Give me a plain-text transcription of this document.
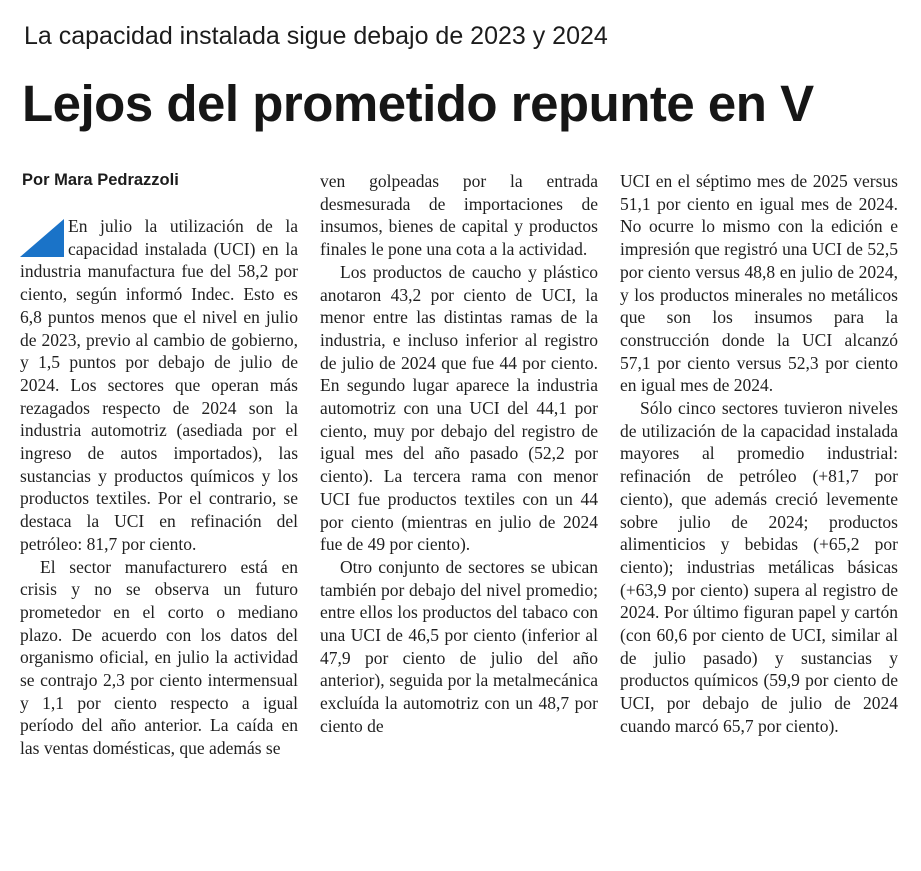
La capacidad instalada sigue debajo de 2023 y 2024
Lejos del prometido repunte en V
Por Mara Pedrazzoli

En julio la utilización de la capacidad instalada (UCI) en la industria manufactura fue del 58,2 por ciento, según informó Indec. Esto es 6,8 puntos menos que el nivel en julio de 2023, previo al cambio de gobierno, y 1,5 puntos por debajo de julio de 2024. Los sectores que operan más rezagados respecto de 2024 son la industria automotriz (asediada por el ingreso de autos importados), las sustancias y productos químicos y los productos textiles. Por el contrario, se destaca la UCI en refinación del petróleo: 81,7 por ciento.

El sector manufacturero está en crisis y no se observa un futuro prometedor en el corto o mediano plazo. De acuerdo con los datos del organismo oficial, en julio la actividad se contrajo 2,3 por ciento intermensual y 1,1 por ciento respecto a igual período del año anterior. La caída en las ventas domésticas, que además se

ven golpeadas por la entrada desmesurada de importaciones de insumos, bienes de capital y productos finales le pone una cota a la actividad.

Los productos de caucho y plástico anotaron 43,2 por ciento de UCI, la menor entre las distintas ramas de la industria, e incluso inferior al registro de julio de 2024 que fue 44 por ciento. En segundo lugar aparece la industria automotriz con una UCI del 44,1 por ciento, muy por debajo del registro de igual mes del año pasado (52,2 por ciento). La tercera rama con menor UCI fue productos textiles con un 44 por ciento (mientras en julio de 2024 fue de 49 por ciento).

Otro conjunto de sectores se ubican también por debajo del nivel promedio; entre ellos los productos del tabaco con una UCI de 46,5 por ciento (inferior al 47,9 por ciento de julio del año anterior), seguida por la metalmecánica excluída la automotriz con un 48,7 por ciento de

UCI en el séptimo mes de 2025 versus 51,1 por ciento en igual mes de 2024. No ocurre lo mismo con la edición e impresión que registró una UCI de 52,5 por ciento versus 48,8 en julio de 2024, y los productos minerales no metálicos que son los insumos para la construcción donde la UCI alcanzó 57,1 por ciento versus 52,3 por ciento en igual mes de 2024.

Sólo cinco sectores tuvieron niveles de utilización de la capacidad instalada mayores al promedio industrial: refinación de petróleo (+81,7 por ciento), que además creció levemente sobre julio de 2024; productos alimenticios y bebidas (+65,2 por ciento); industrias metálicas básicas (+63,9 por ciento) supera al registro de 2024. Por último figuran papel y cartón (con 60,6 por ciento de UCI, similar al de julio pasado) y sustancias y productos químicos (59,9 por ciento de UCI, por debajo de julio de 2024 cuando marcó 65,7 por ciento).
